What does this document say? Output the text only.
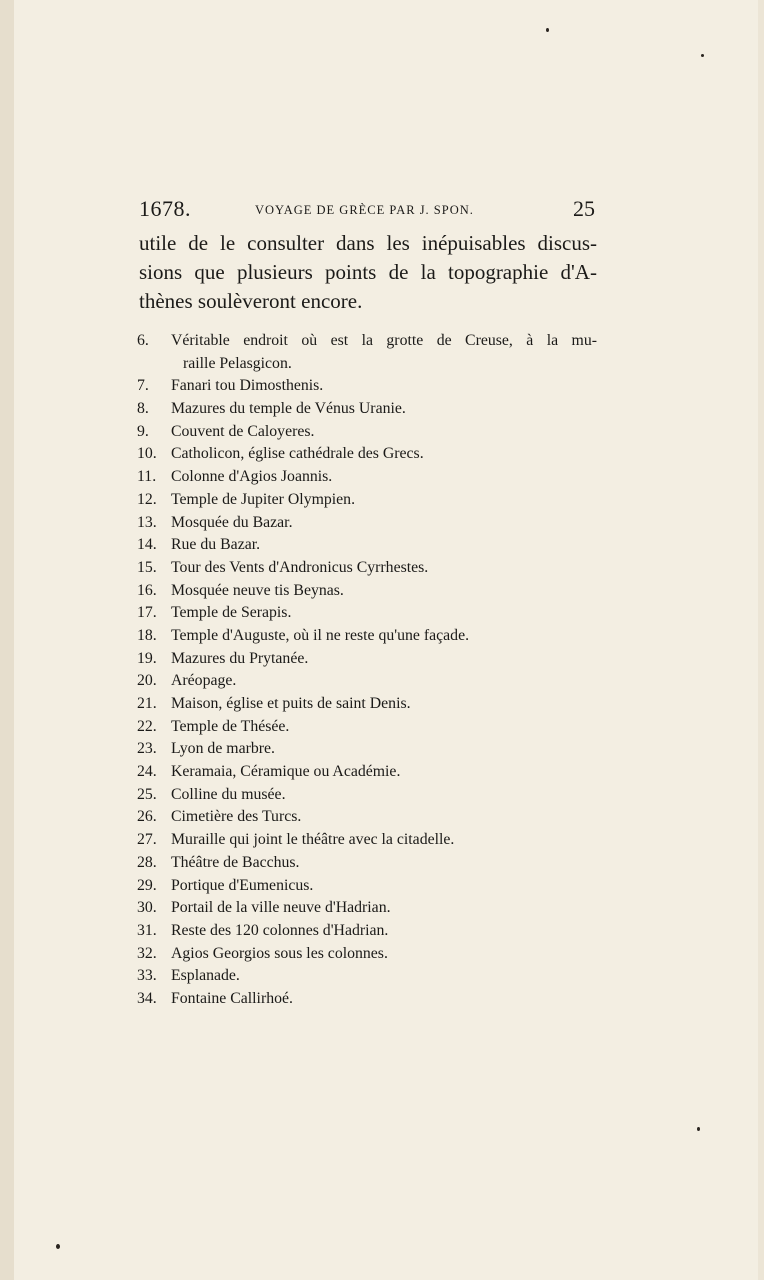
1678.	VOYAGE DE GRÈCE PAR J. SPON.	25
utile de le consulter dans les inépuisables discus-
sions que plusieurs points de la topographie d'A-
thènes soulèveront encore.
6.	Véritable endroit où est la grotte de Creuse, à la mu-
raille Pelasgicon.
7.	Fanari tou Dimosthenis.
8.	Mazures du temple de Vénus Uranie.
9.	Couvent de Caloyeres.
10. Catholicon, église cathédrale des Grecs.
11. Colonne d'Agios Joannis.
12. Temple de Jupiter Olympien.
13. Mosquée du Bazar.
14. Rue du Bazar.
15. Tour des Vents d'Andronicus Cyrrhestes.
16. Mosquée neuve tis Beynas.
17. Temple de Serapis.
18. Temple d'Auguste, où il ne reste qu'une façade.
19. Mazures du Prytanée.
20. Aréopage.
21. Maison, église et puits de saint Denis.
22. Temple de Thésée.
23. Lyon de marbre.
24. Keramaia, Céramique ou Académie.
25. Colline du musée.
26. Cimetière des Turcs.
27. Muraille qui joint le théâtre avec la citadelle.
28. Théâtre de Bacchus.
29. Portique d'Eumenicus.
30. Portail de la ville neuve d'Hadrian.
31. Reste des 120 colonnes d'Hadrian.
32. Agios Georgios sous les colonnes.
33. Esplanade.
34. Fontaine Callirhoé.
